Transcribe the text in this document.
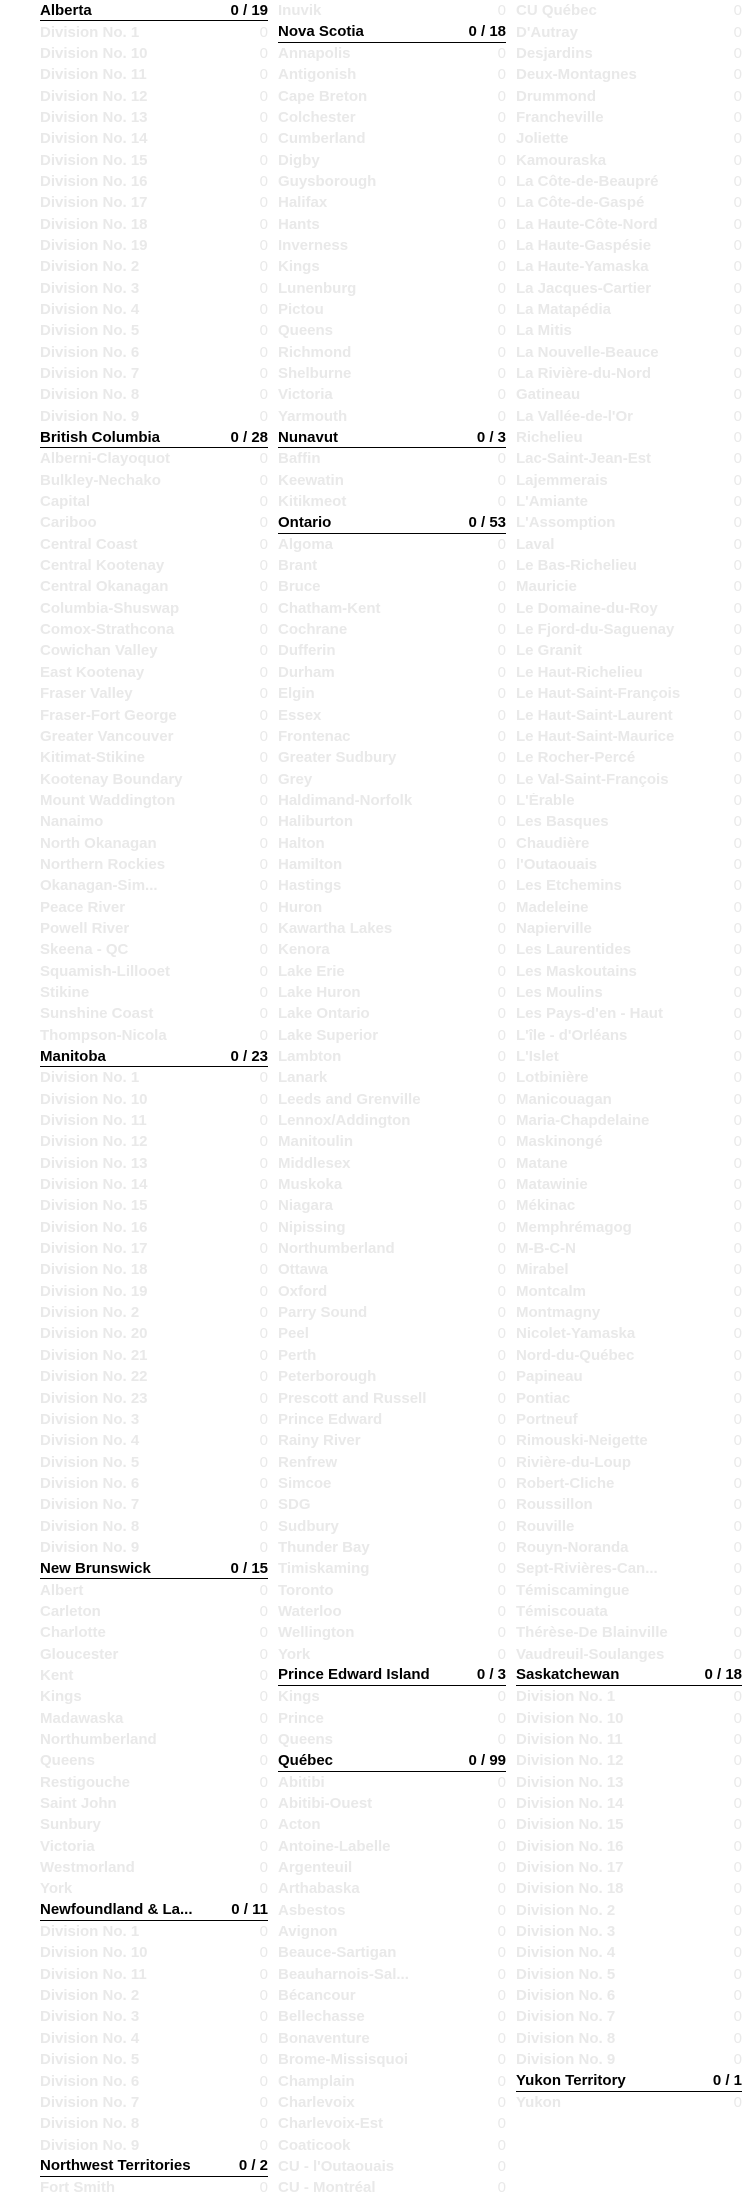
Alberta	0 / 19
Division No. 1	0
Division No. 10	0
Division No. 11	0
Division No. 12	0
Division No. 13	0
Division No. 14	0
Division No. 15	0
Division No. 16	0
Division No. 17	0
Division No. 18	0
Division No. 19	0
Division No. 2	0
Division No. 3	0
Division No. 4	0
Division No. 5	0
Division No. 6	0
Division No. 7	0
Division No. 8	0
Division No. 9	0
British Columbia	0 / 28
Alberni-Clayoquot	0
Bulkley-Nechako	0
Capital	0
Cariboo	0
Central Coast	0
Central Kootenay	0
Central Okanagan	0
Columbia-Shuswap	0
Comox-Strathcona	0
Cowichan Valley	0
East Kootenay	0
Fraser Valley	0
Fraser-Fort George	0
Greater Vancouver	0
Kitimat-Stikine	0
Kootenay Boundary	0
Mount Waddington	0
Nanaimo	0
North Okanagan	0
Northern Rockies	0
Okanagan-Sim...	0
Peace River	0
Powell River	0
Skeena - QC	0
Squamish-Lillooet	0
Stikine	0
Sunshine Coast	0
Thompson-Nicola	0
Manitoba	0 / 23
Division No. 1	0
Division No. 10	0
Division No. 11	0
Division No. 12	0
Division No. 13	0
Division No. 14	0
Division No. 15	0
Division No. 16	0
Division No. 17	0
Division No. 18	0
Division No. 19	0
Division No. 2	0
Division No. 20	0
Division No. 21	0
Division No. 22	0
Division No. 23	0
Division No. 3	0
Division No. 4	0
Division No. 5	0
Division No. 6	0
Division No. 7	0
Division No. 8	0
Division No. 9	0
New Brunswick	0 / 15
Albert	0
Carleton	0
Charlotte	0
Gloucester	0
Kent	0
Kings	0
Madawaska	0
Northumberland	0
Queens	0
Restigouche	0
Saint John	0
Sunbury	0
Victoria	0
Westmorland	0
York	0
Newfoundland & La...	0 / 11
Division No. 1	0
Division No. 10	0
Division No. 11	0
Division No. 2	0
Division No. 3	0
Division No. 4	0
Division No. 5	0
Division No. 6	0
Division No. 7	0
Division No. 8	0
Division No. 9	0
Northwest Territories	0 / 2
Fort Smith	0
Inuvik	0
Nova Scotia	0 / 18
Annapolis	0
Antigonish	0
Cape Breton	0
Colchester	0
Cumberland	0
Digby	0
Guysborough	0
Halifax	0
Hants	0
Inverness	0
Kings	0
Lunenburg	0
Pictou	0
Queens	0
Richmond	0
Shelburne	0
Victoria	0
Yarmouth	0
Nunavut	0 / 3
Baffin	0
Keewatin	0
Kitikmeot	0
Ontario	0 / 53
Algoma	0
Brant	0
Bruce	0
Chatham-Kent	0
Cochrane	0
Dufferin	0
Durham	0
Elgin	0
Essex	0
Frontenac	0
Greater Sudbury	0
Grey	0
Haldimand-Norfolk	0
Haliburton	0
Halton	0
Hamilton	0
Hastings	0
Huron	0
Kawartha Lakes	0
Kenora	0
Lake Erie	0
Lake Huron	0
Lake Ontario	0
Lake Superior	0
Lambton	0
Lanark	0
Leeds and Grenville	0
Lennox/Addington	0
Manitoulin	0
Middlesex	0
Muskoka	0
Niagara	0
Nipissing	0
Northumberland	0
Ottawa	0
Oxford	0
Parry Sound	0
Peel	0
Perth	0
Peterborough	0
Prescott and Russell	0
Prince Edward	0
Rainy River	0
Renfrew	0
Simcoe	0
SDG	0
Sudbury	0
Thunder Bay	0
Timiskaming	0
Toronto	0
Waterloo	0
Wellington	0
York	0
Prince Edward Island	0 / 3
Kings	0
Prince	0
Queens	0
Québec	0 / 99
Abitibi	0
Abitibi-Ouest	0
Acton	0
Antoine-Labelle	0
Argenteuil	0
Arthabaska	0
Asbestos	0
Avignon	0
Beauce-Sartigan	0
Beauharnois-Sal...	0
Bécancour	0
Bellechasse	0
Bonaventure	0
Brome-Missisquoi	0
Champlain	0
Charlevoix	0
Charlevoix-Est	0
Coaticook	0
CU - l'Outaouais	0
CU - Montréal	0
CU Québec	0
D'Autray	0
Desjardins	0
Deux-Montagnes	0
Drummond	0
Francheville	0
Joliette	0
Kamouraska	0
La Côte-de-Beaupré	0
La Côte-de-Gaspé	0
La Haute-Côte-Nord	0
La Haute-Gaspésie	0
La Haute-Yamaska	0
La Jacques-Cartier	0
La Matapédia	0
La Mitis	0
La Nouvelle-Beauce	0
La Rivière-du-Nord	0
Gatineau	0
La Vallée-de-l'Or	0
Richelieu	0
Lac-Saint-Jean-Est	0
Lajemmerais	0
L'Amiante	0
L'Assomption	0
Laval	0
Le Bas-Richelieu	0
Mauricie	0
Le Domaine-du-Roy	0
Le Fjord-du-Saguenay	0
Le Granit	0
Le Haut-Richelieu	0
Le Haut-Saint-François	0
Le Haut-Saint-Laurent	0
Le Haut-Saint-Maurice	0
Le Rocher-Percé	0
Le Val-Saint-François	0
L'Érable	0
Les Basques	0
Chaudière	0
l'Outaouais	0
Les Etchemins	0
Madeleine	0
Napierville	0
Les Laurentides	0
Les Maskoutains	0
Les Moulins	0
Les Pays-d'en - Haut	0
L'île - d'Orléans	0
L'Islet	0
Lotbinière	0
Manicouagan	0
Maria-Chapdelaine	0
Maskinongé	0
Matane	0
Matawinie	0
Mékinac	0
Memphrémagog	0
M-B-C-N	0
Mirabel	0
Montcalm	0
Montmagny	0
Nicolet-Yamaska	0
Nord-du-Québec	0
Papineau	0
Pontiac	0
Portneuf	0
Rimouski-Neigette	0
Rivière-du-Loup	0
Robert-Cliche	0
Roussillon	0
Rouville	0
Rouyn-Noranda	0
Sept-Rivières-Can...	0
Témiscamingue	0
Témiscouata	0
Thérèse-De Blainville	0
Vaudreuil-Soulanges	0
Saskatchewan	0 / 18
Division No. 1	0
Division No. 10	0
Division No. 11	0
Division No. 12	0
Division No. 13	0
Division No. 14	0
Division No. 15	0
Division No. 16	0
Division No. 17	0
Division No. 18	0
Division No. 2	0
Division No. 3	0
Division No. 4	0
Division No. 5	0
Division No. 6	0
Division No. 7	0
Division No. 8	0
Division No. 9	0
Yukon Territory	0 / 1
Yukon	0
